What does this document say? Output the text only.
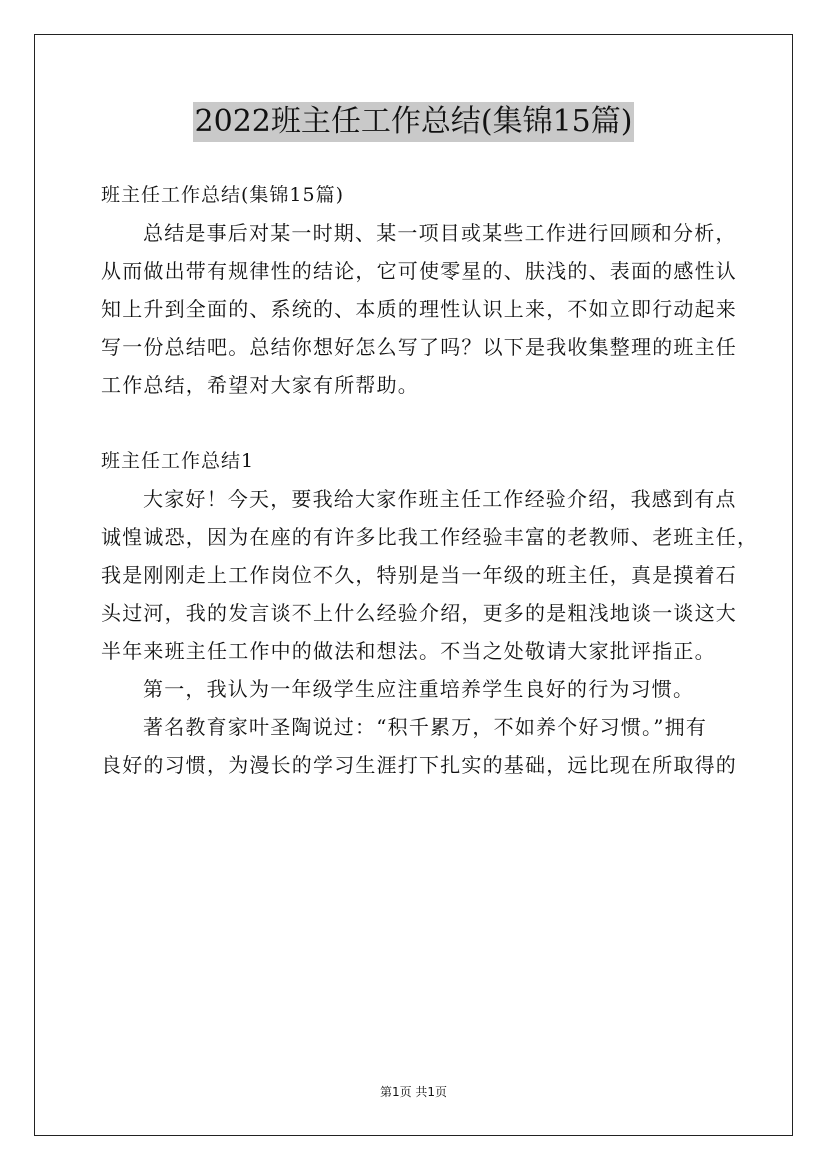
2022班主任工作总结(集锦15篇)
班主任工作总结(集锦15篇)
总结是事后对某一时期、某一项目或某些工作进行回顾和分析，
从而做出带有规律性的结论，它可使零星的、肤浅的、表面的感性认
知上升到全面的、系统的、本质的理性认识上来，不如立即行动起来
写一份总结吧。总结你想好怎么写了吗？以下是我收集整理的班主任
工作总结，希望对大家有所帮助。
班主任工作总结1
大家好！今天，要我给大家作班主任工作经验介绍，我感到有点
诚惶诚恐，因为在座的有许多比我工作经验丰富的老教师、老班主任，
我是刚刚走上工作岗位不久，特别是当一年级的班主任，真是摸着石
头过河，我的发言谈不上什么经验介绍，更多的是粗浅地谈一谈这大
半年来班主任工作中的做法和想法。不当之处敬请大家批评指正。
第一，我认为一年级学生应注重培养学生良好的行为习惯。
著名教育家叶圣陶说过：“积千累万，不如养个好习惯。”拥有
良好的习惯，为漫长的学习生涯打下扎实的基础，远比现在所取得的
第1页 共1页
